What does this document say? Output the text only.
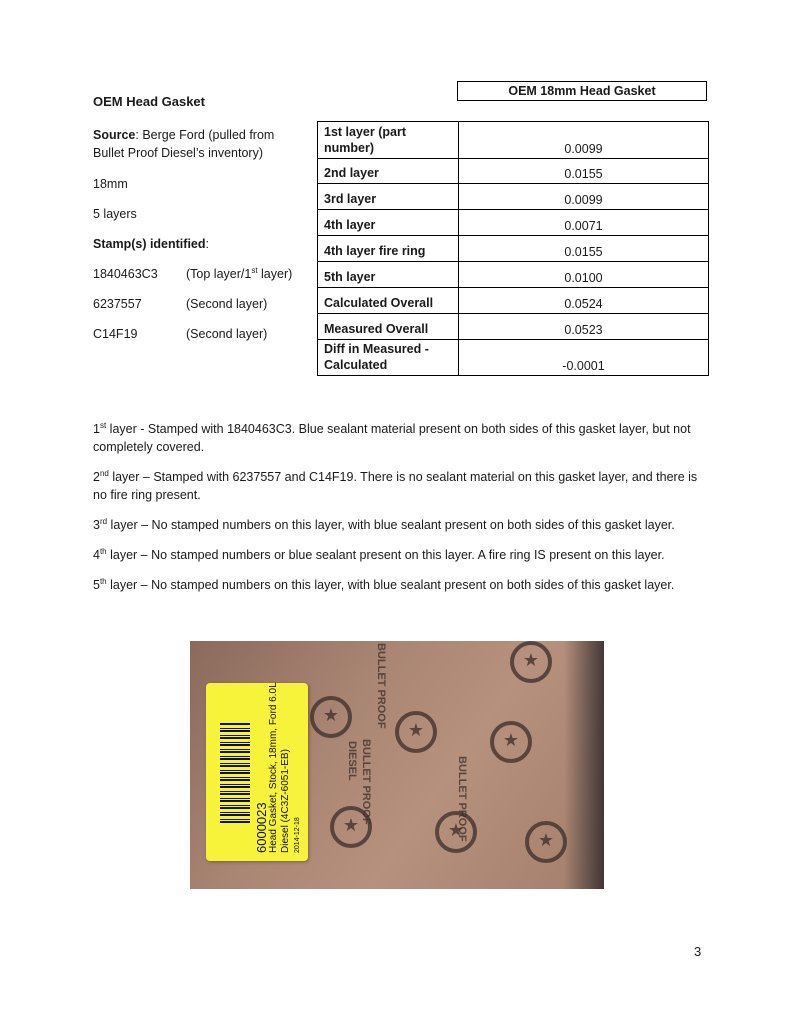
OEM Head Gasket

Source: Berge Ford (pulled from

Bullet Proof Diesel’s inventory)

18mm

5 layers

Stamp(s) identified:

1840463C3 (Top layer/1st layer)
6237557	(Second layer)
C14F19	(Second layer)
OEM 18mm Head Gasket
1st layer (part number)	0.0099
2nd layer	0.0155
3rd layer	0.0099
4th layer	0.0071
4th layer fire ring	0.0155
5th layer	0.0100
Calculated Overall	0.0524
Measured Overall	0.0523
Diff in Measured - Calculated	-0.0001

1st layer - Stamped with 1840463C3. Blue sealant material present on both sides of this gasket layer, but not completely covered.

2nd layer – Stamped with 6237557 and C14F19. There is no sealant material on this gasket layer, and there is no fire ring present.

3rd layer – No stamped numbers on this layer, with blue sealant present on both sides of this gasket layer.

4th layer – No stamped numbers or blue sealant present on this layer. A fire ring IS present on this layer.

5th layer – No stamped numbers on this layer, with blue sealant present on both sides of this gasket layer.

★
★
★
★
★
★
★
BULLET PROOF
DIESEL	BULLET PROOF
BULLET PROOF
6000023 Head Gasket, Stock, 18mm, Ford 6.0L Diesel (4C3Z-6051-EB) 2014-12-18
3
